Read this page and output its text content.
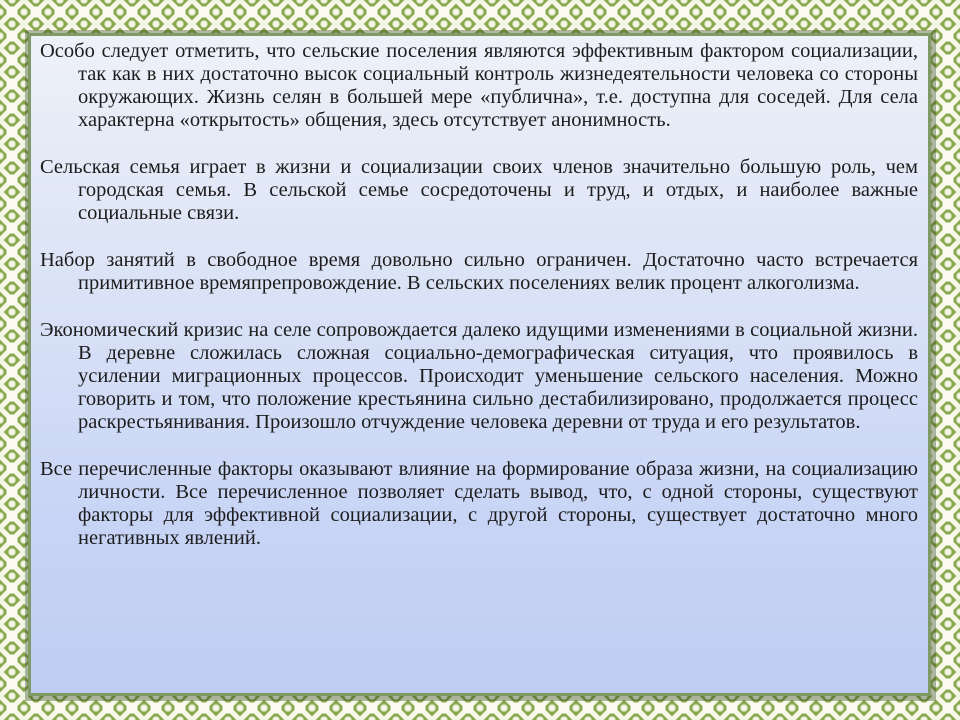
Особо следует отметить, что сельские поселения являются эффективным фактором социализации, так как в них достаточно высок социальный контроль жизнедеятельности человека со стороны окружающих. Жизнь селян в большей мере «публична», т.е. доступна для соседей. Для села характерна «открытость» общения, здесь отсутствует анонимность.

Сельская семья играет в жизни и социализации своих членов значительно большую роль, чем городская семья. В сельской семье сосредоточены и труд, и отдых, и наиболее важные социальные связи.

Набор занятий в свободное время довольно сильно ограничен. Достаточно часто встречается примитивное времяпрепровождение. В сельских поселениях велик процент алкоголизма.

Экономический кризис на селе сопровождается далеко идущими изменениями в социальной жизни. В деревне сложилась сложная социально-демографическая ситуация, что проявилось в усилении миграционных процессов. Происходит уменьшение сельского населения. Можно говорить и том, что положение крестьянина сильно дестабилизировано, продолжается процесс раскрестьянивания. Произошло отчуждение человека деревни от труда и его результатов.

Все перечисленные факторы оказывают влияние на формирование образа жизни, на социализацию личности. Все перечисленное позволяет сделать вывод, что, с одной стороны, существуют факторы для эффективной социализации, с другой стороны, существует достаточно много негативных явлений.
